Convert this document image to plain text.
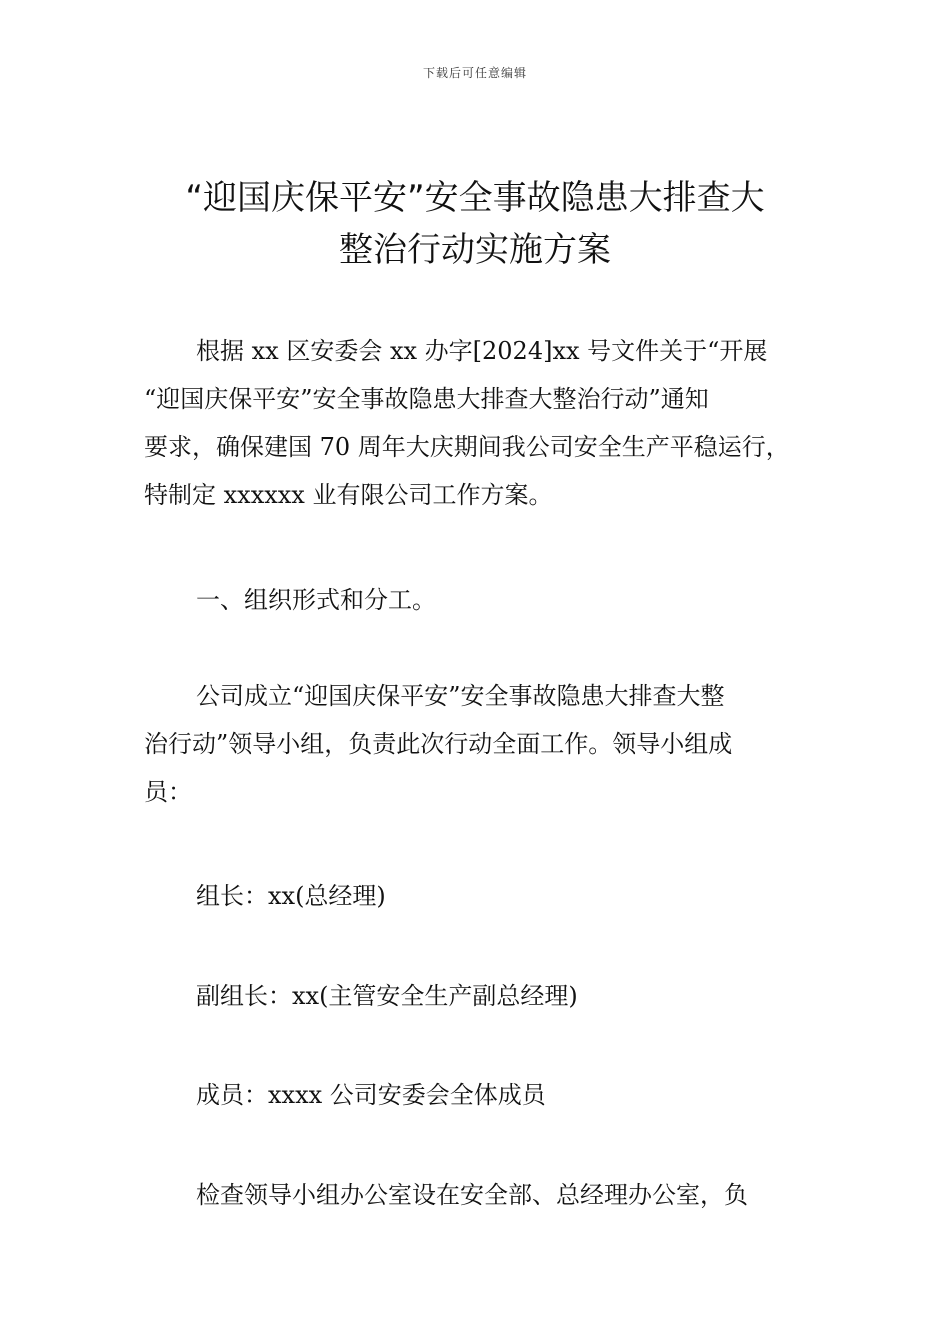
下载后可任意编辑
“迎国庆保平安”安全事故隐患大排查大
整治行动实施方案

根据 xx 区安委会 xx 办字[2024]xx 号文件关于“开展
“迎国庆保平安”安全事故隐患大排查大整治行动”通知
要求，确保建国 70 周年大庆期间我公司安全生产平稳运行，
特制定 xxxxxx 业有限公司工作方案。

一、组织形式和分工。

公司成立“迎国庆保平安”安全事故隐患大排查大整
治行动”领导小组，负责此次行动全面工作。领导小组成
员：

组长：xx(总经理)

副组长：xx(主管安全生产副总经理)

成员：xxxx 公司安委会全体成员

检查领导小组办公室设在安全部、总经理办公室，负
